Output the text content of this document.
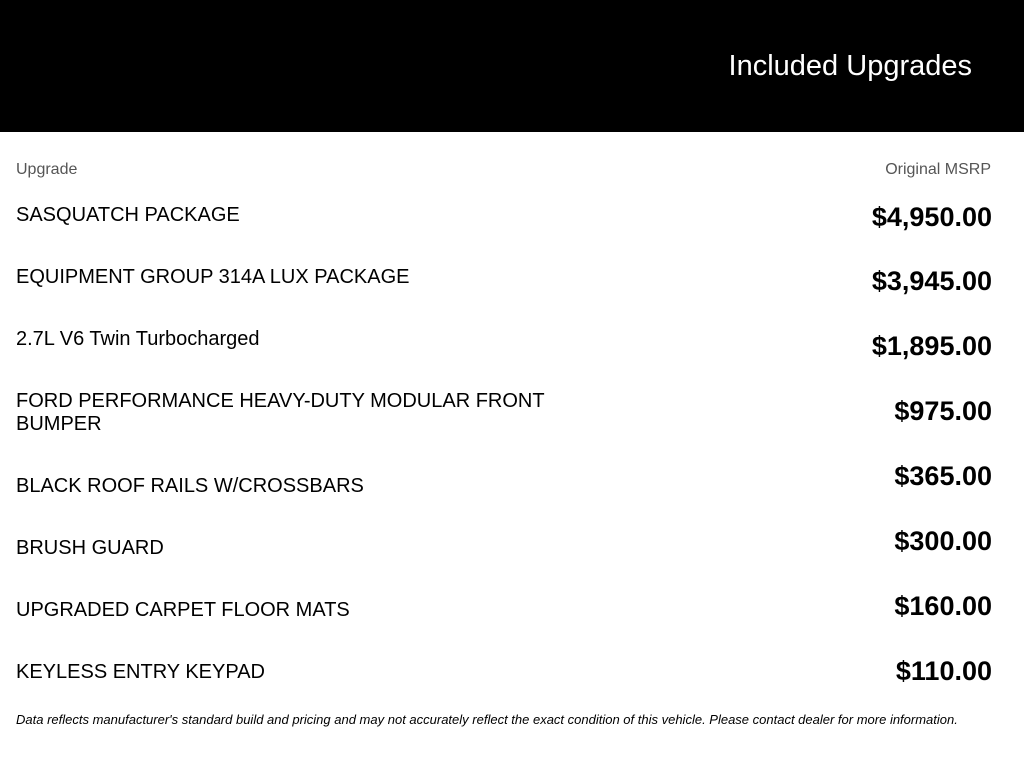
Included Upgrades
Upgrade	Original MSRP
SASQUATCH PACKAGE	$4,950.00
EQUIPMENT GROUP 314A LUX PACKAGE	$3,945.00
2.7L V6 Twin Turbocharged	$1,895.00
FORD PERFORMANCE HEAVY-DUTY MODULAR FRONT BUMPER	$975.00
BLACK ROOF RAILS W/CROSSBARS	$365.00
BRUSH GUARD	$300.00
UPGRADED CARPET FLOOR MATS	$160.00
KEYLESS ENTRY KEYPAD	$110.00
Data reflects manufacturer's standard build and pricing and may not accurately reflect the exact condition of this vehicle. Please contact dealer for more information.
